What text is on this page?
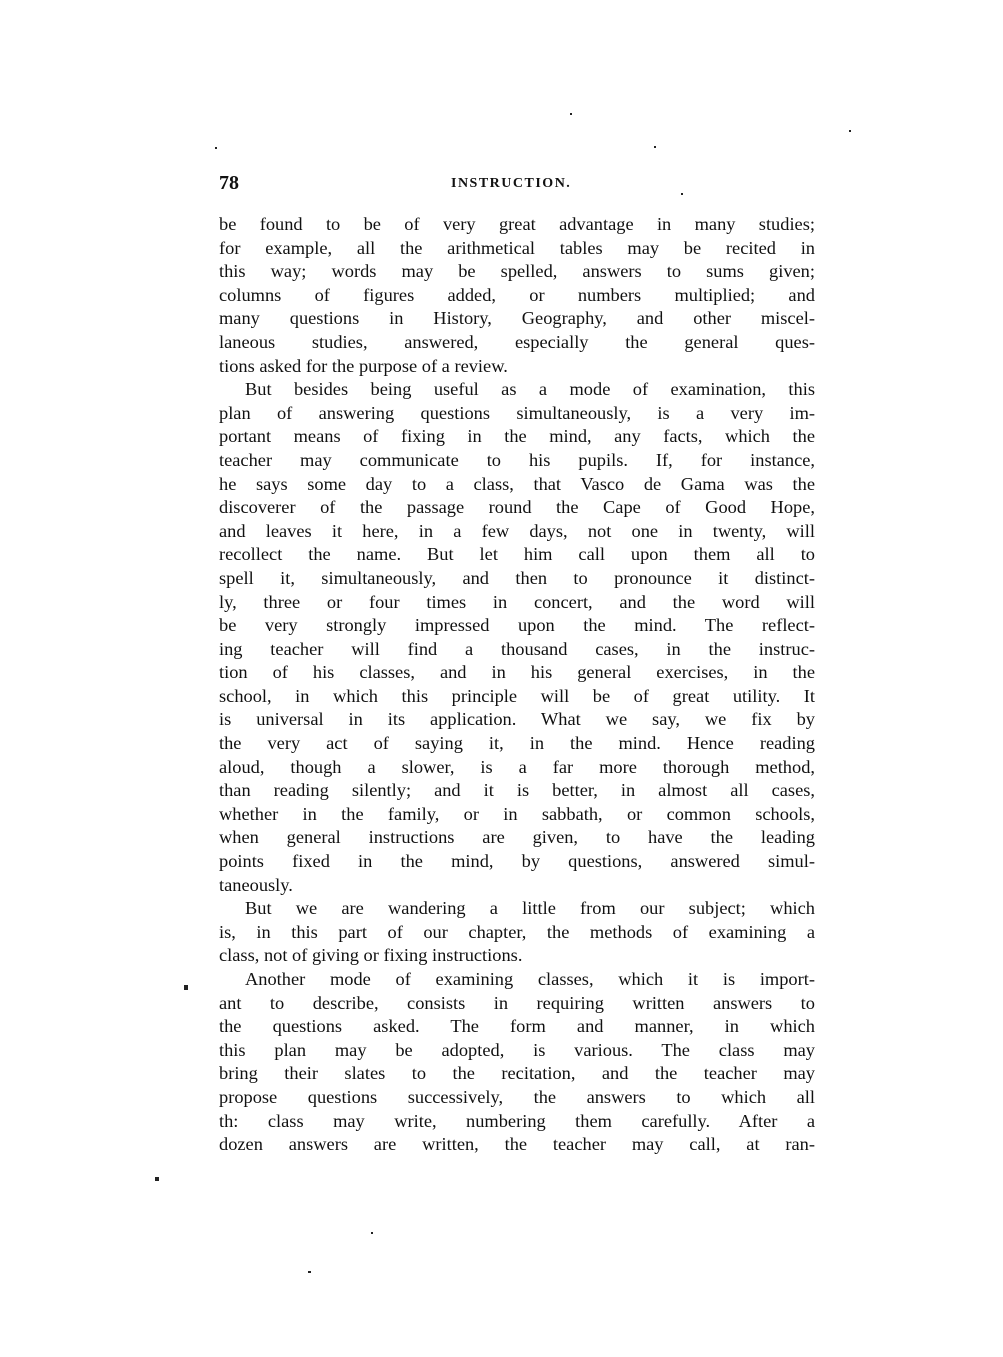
78	INSTRUCTION.
be found to be of very great advantage in many studies;
for example, all the arithmetical tables may be recited in
this way; words may be spelled, answers to sums given;
columns of figures added, or numbers multiplied; and
many questions in History, Geography, and other miscel-
laneous studies, answered, especially the general ques-
tions asked for the purpose of a review.
But besides being useful as a mode of examination, this
plan of answering questions simultaneously, is a very im-
portant means of fixing in the mind, any facts, which the
teacher may communicate to his pupils. If, for instance,
he says some day to a class, that Vasco de Gama was the
discoverer of the passage round the Cape of Good Hope,
and leaves it here, in a few days, not one in twenty, will
recollect the name. But let him call upon them all to
spell it, simultaneously, and then to pronounce it distinct-
ly, three or four times in concert, and the word will
be very strongly impressed upon the mind. The reflect-
ing teacher will find a thousand cases, in the instruc-
tion of his classes, and in his general exercises, in the
school, in which this principle will be of great utility. It
is universal in its application. What we say, we fix by
the very act of saying it, in the mind. Hence reading
aloud, though a slower, is a far more thorough method,
than reading silently; and it is better, in almost all cases,
whether in the family, or in sabbath, or common schools,
when general instructions are given, to have the leading
points fixed in the mind, by questions, answered simul-
taneously.
But we are wandering a little from our subject; which
is, in this part of our chapter, the methods of examining a
class, not of giving or fixing instructions.
Another mode of examining classes, which it is import-
ant to describe, consists in requiring written answers to
the questions asked. The form and manner, in which
this plan may be adopted, is various. The class may
bring their slates to the recitation, and the teacher may
propose questions successively, the answers to which all
th: class may write, numbering them carefully. After a
dozen answers are written, the teacher may call, at ran-
